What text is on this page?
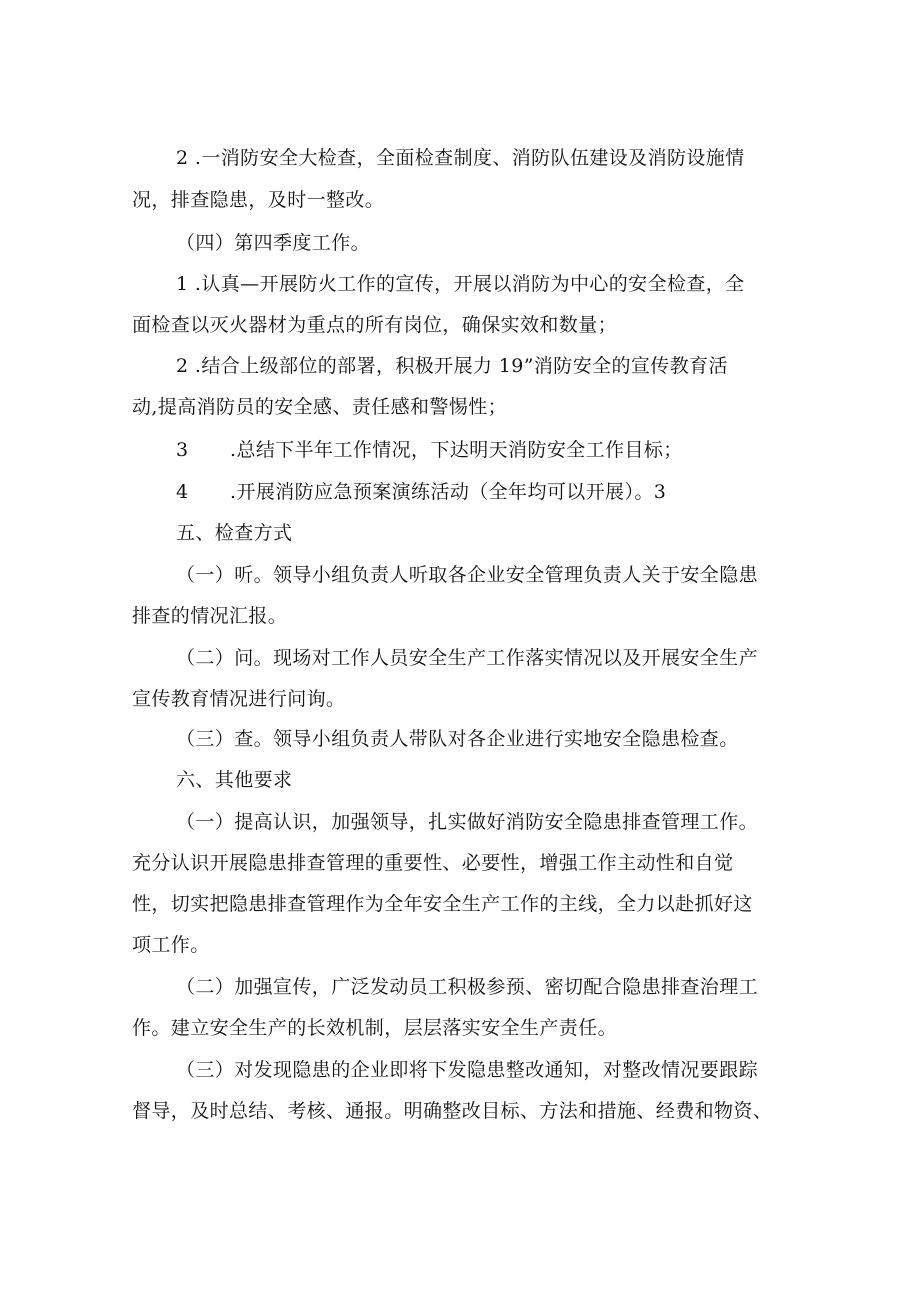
2 .一消防安全大检查，全面检查制度、消防队伍建设及消防设施情
况，排查隐患，及时一整改。
（四）第四季度工作。
1 .认真—开展防火工作的宣传，开展以消防为中心的安全检查，全
面检查以灭火器材为重点的所有岗位，确保实效和数量；
2 .结合上级部位的部署，积极开展力 19”消防安全的宣传教育活
动,提高消防员的安全感、责任感和警惕性；
3 .总结下半年工作情况，下达明天消防安全工作目标；
4 .开展消防应急预案演练活动（全年均可以开展）。3
五、检查方式
（一）听。领导小组负责人听取各企业安全管理负责人关于安全隐患
排查的情况汇报。
（二）问。现场对工作人员安全生产工作落实情况以及开展安全生产
宣传教育情况进行问询。
（三）查。领导小组负责人带队对各企业进行实地安全隐患检查。
六、其他要求
（一）提高认识，加强领导，扎实做好消防安全隐患排查管理工作。
充分认识开展隐患排查管理的重要性、必要性，增强工作主动性和自觉
性，切实把隐患排查管理作为全年安全生产工作的主线，全力以赴抓好这
项工作。
（二）加强宣传，广泛发动员工积极参预、密切配合隐患排查治理工
作。建立安全生产的长效机制，层层落实安全生产责任。
（三）对发现隐患的企业即将下发隐患整改通知，对整改情况要跟踪
督导，及时总结、考核、通报。明确整改目标、方法和措施、经费和物资、
